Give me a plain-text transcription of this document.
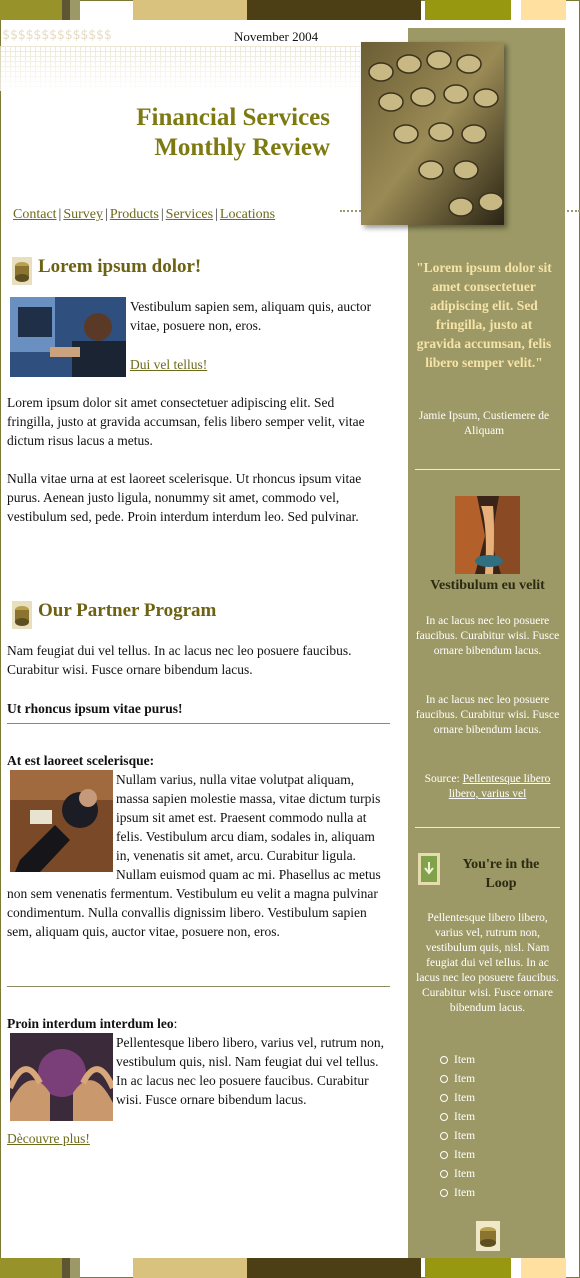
$$$$$$$$$$$$$$	November 2004
Financial Services
Monthly Review
Contact | Survey | Products | Services | Locations
Lorem ipsum dolor!
Vestibulum sapien sem, aliquam quis, auctor vitae, posuere non, eros.
Dui vel tellus!
Lorem ipsum dolor sit amet consectetuer adipiscing elit. Sed fringilla, justo at gravida accumsan, felis libero semper velit, vitae dictum risus lacus a metus.
Nulla vitae urna at est laoreet scelerisque. Ut rhoncus ipsum vitae purus. Aenean justo ligula, nonummy sit amet, commodo vel, vestibulum sed, pede. Proin interdum interdum leo. Sed pulvinar.
Our Partner Program
Nam feugiat dui vel tellus. In ac lacus nec leo posuere faucibus. Curabitur wisi. Fusce ornare bibendum lacus.
Ut rhoncus ipsum vitae purus!
At est laoreet scelerisque:
Nullam varius, nulla vitae volutpat aliquam, massa sapien molestie massa, vitae dictum turpis ipsum sit amet est. Praesent commodo nulla at felis. Vestibulum arcu diam, sodales in, aliquam in, venenatis sit amet, arcu. Curabitur ligula. Nullam euismod quam ac mi. Phasellus ac metus non sem venenatis fermentum. Vestibulum eu velit a magna pulvinar condimentum. Nulla convallis dignissim libero. Vestibulum sapien sem, aliquam quis, auctor vitae, posuere non, eros.
Proin interdum interdum leo:
Pellentesque libero libero, varius vel, rutrum non, vestibulum quis, nisl. Nam feugiat dui vel tellus. In ac lacus nec leo posuere faucibus. Curabitur wisi. Fusce ornare bibendum lacus.
Dècouvre plus!
"Lorem ipsum dolor sit amet consectetuer adipiscing elit. Sed fringilla, justo at gravida accumsan, felis libero semper velit."
Jamie Ipsum, Custiemere de Aliquam
Vestibulum eu velit
In ac lacus nec leo posuere faucibus. Curabitur wisi. Fusce ornare bibendum lacus.
In ac lacus nec leo posuere faucibus. Curabitur wisi. Fusce ornare bibendum lacus.
Source: Pellentesque libero libero, varius vel
You're in the Loop
Pellentesque libero libero, varius vel, rutrum non, vestibulum quis, nisl. Nam feugiat dui vel tellus. In ac lacus nec leo posuere faucibus. Curabitur wisi. Fusce ornare bibendum lacus.
Item
Item
Item
Item
Item
Item
Item
Item
